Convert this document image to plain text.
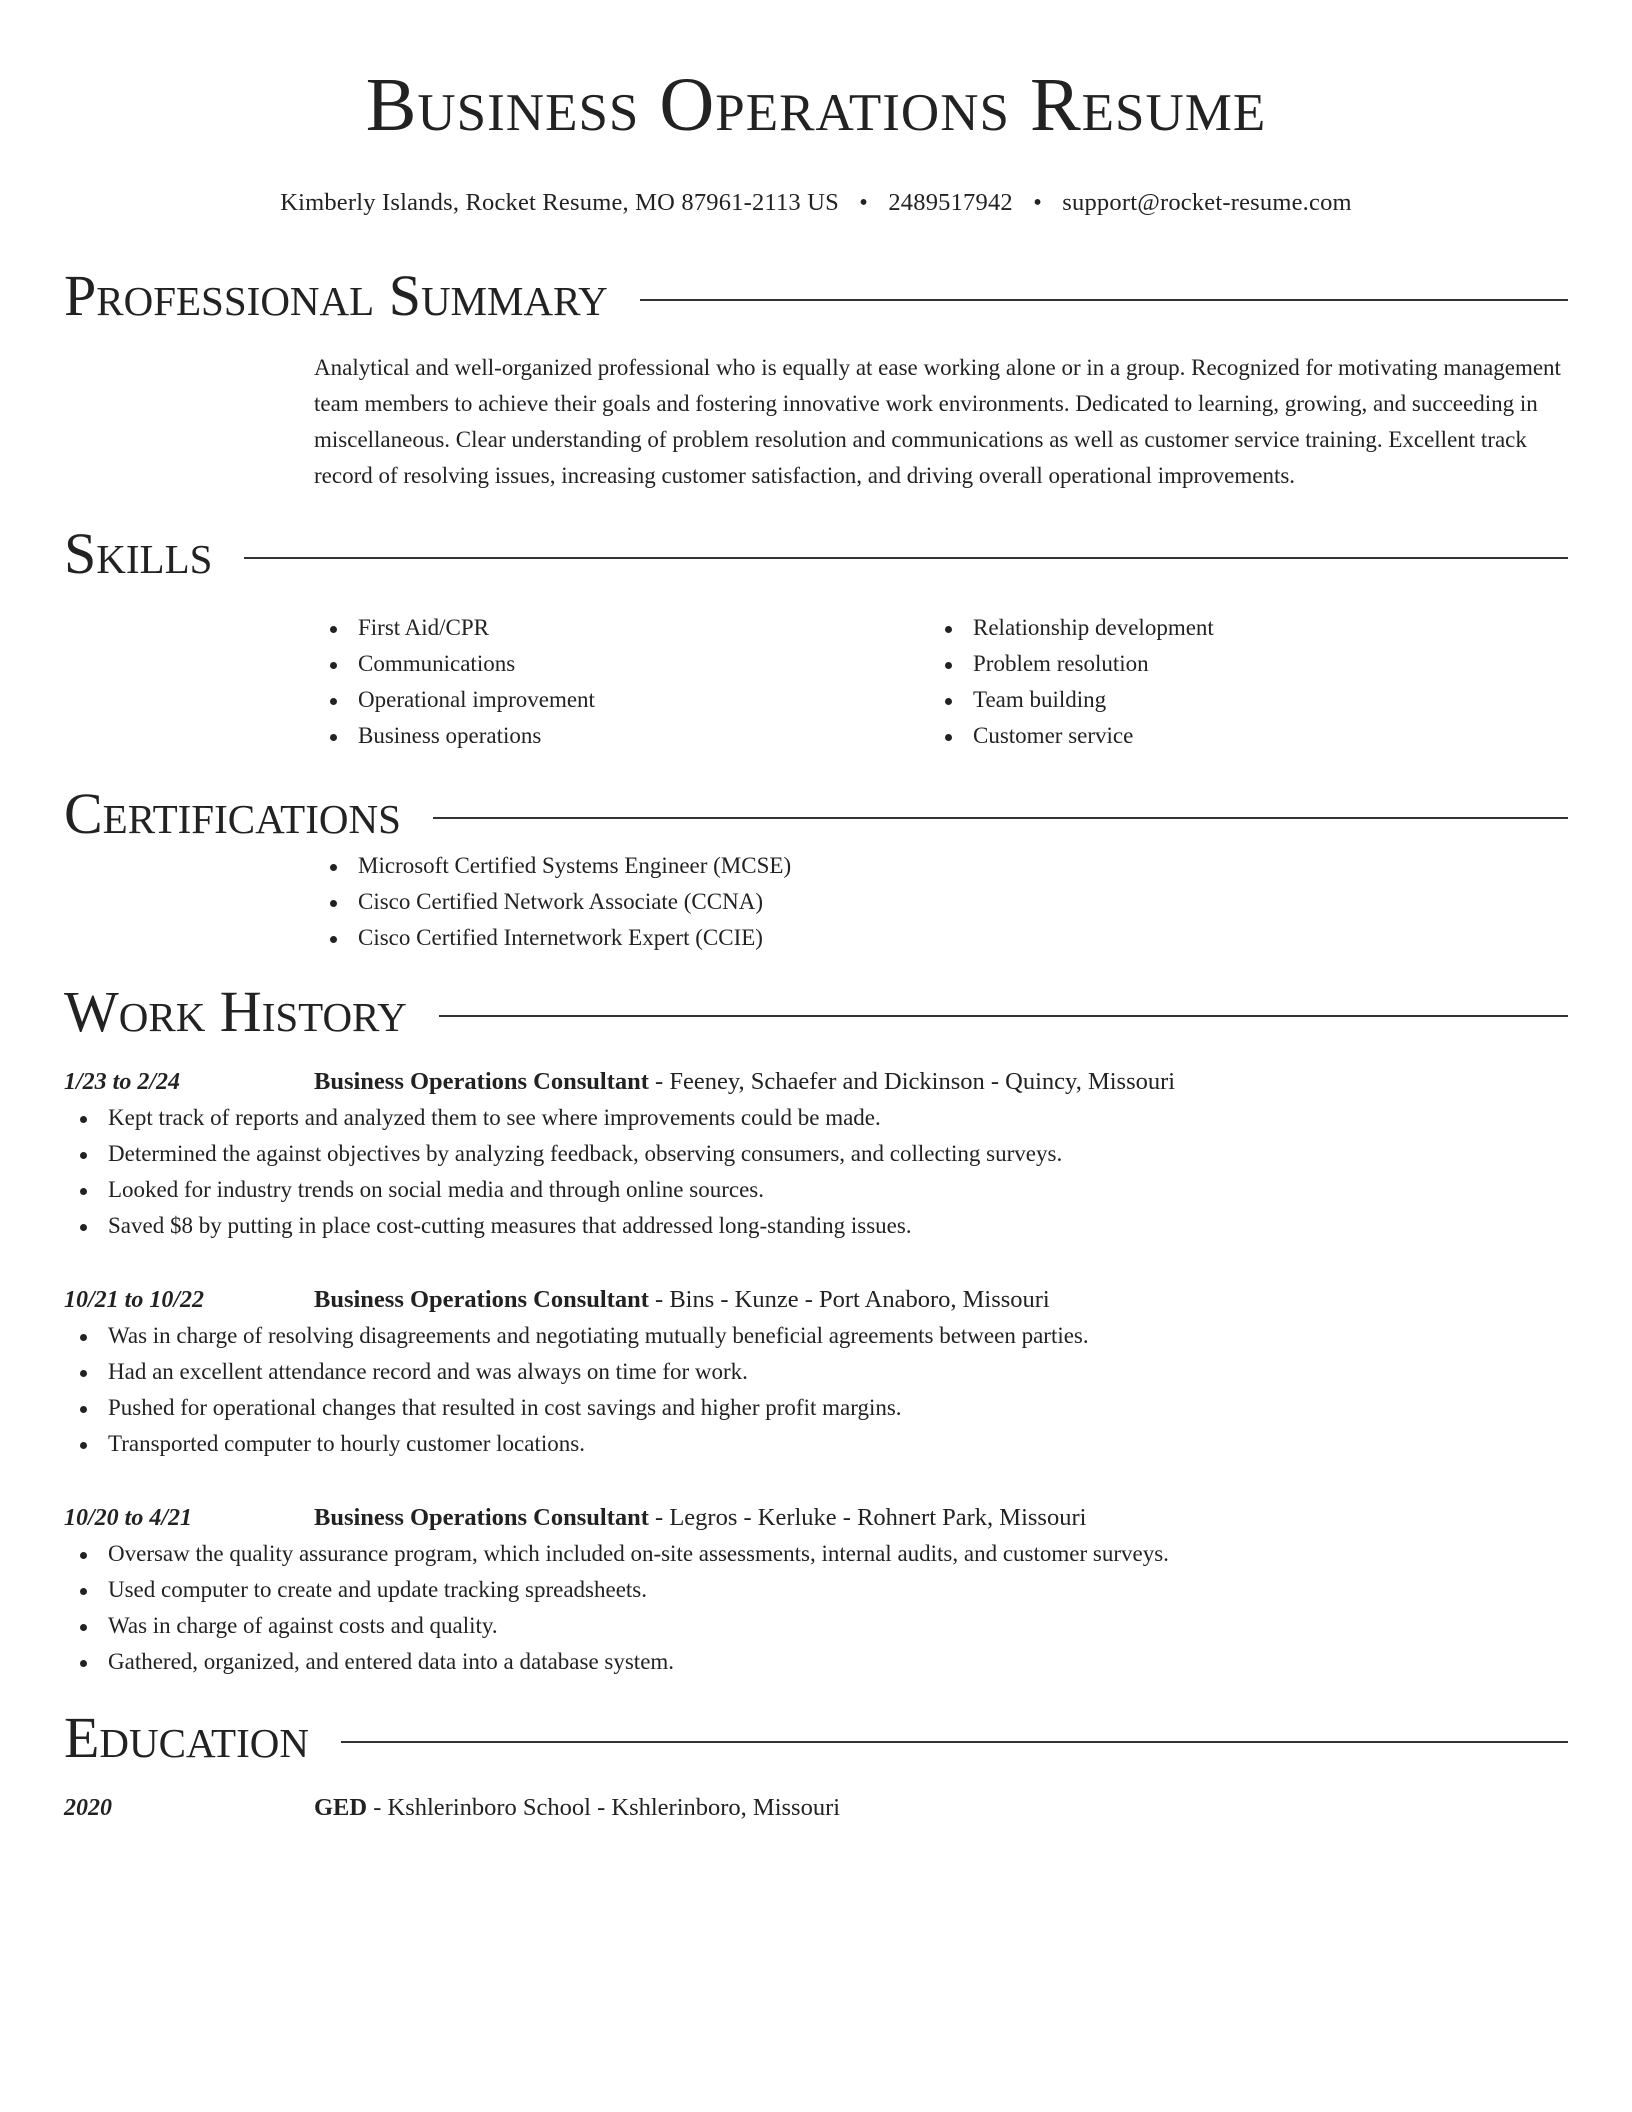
Business Operations Resume
Kimberly Islands, Rocket Resume, MO 87961-2113 US • 2489517942 • support@rocket-resume.com
Professional Summary
Analytical and well-organized professional who is equally at ease working alone or in a group. Recognized for motivating management team members to achieve their goals and fostering innovative work environments. Dedicated to learning, growing, and succeeding in miscellaneous. Clear understanding of problem resolution and communications as well as customer service training. Excellent track record of resolving issues, increasing customer satisfaction, and driving overall operational improvements.
Skills
First Aid/CPR
Communications
Operational improvement
Business operations
Relationship development
Problem resolution
Team building
Customer service
Certifications
Microsoft Certified Systems Engineer (MCSE)
Cisco Certified Network Associate (CCNA)
Cisco Certified Internetwork Expert (CCIE)
Work History
1/23 to 2/24	Business Operations Consultant - Feeney, Schaefer and Dickinson - Quincy, Missouri
Kept track of reports and analyzed them to see where improvements could be made.
Determined the against objectives by analyzing feedback, observing consumers, and collecting surveys.
Looked for industry trends on social media and through online sources.
Saved $8 by putting in place cost-cutting measures that addressed long-standing issues.
10/21 to 10/22	Business Operations Consultant - Bins - Kunze - Port Anaboro, Missouri
Was in charge of resolving disagreements and negotiating mutually beneficial agreements between parties.
Had an excellent attendance record and was always on time for work.
Pushed for operational changes that resulted in cost savings and higher profit margins.
Transported computer to hourly customer locations.
10/20 to 4/21	Business Operations Consultant - Legros - Kerluke - Rohnert Park, Missouri
Oversaw the quality assurance program, which included on-site assessments, internal audits, and customer surveys.
Used computer to create and update tracking spreadsheets.
Was in charge of against costs and quality.
Gathered, organized, and entered data into a database system.
Education
2020	GED - Kshlerinboro School - Kshlerinboro, Missouri
